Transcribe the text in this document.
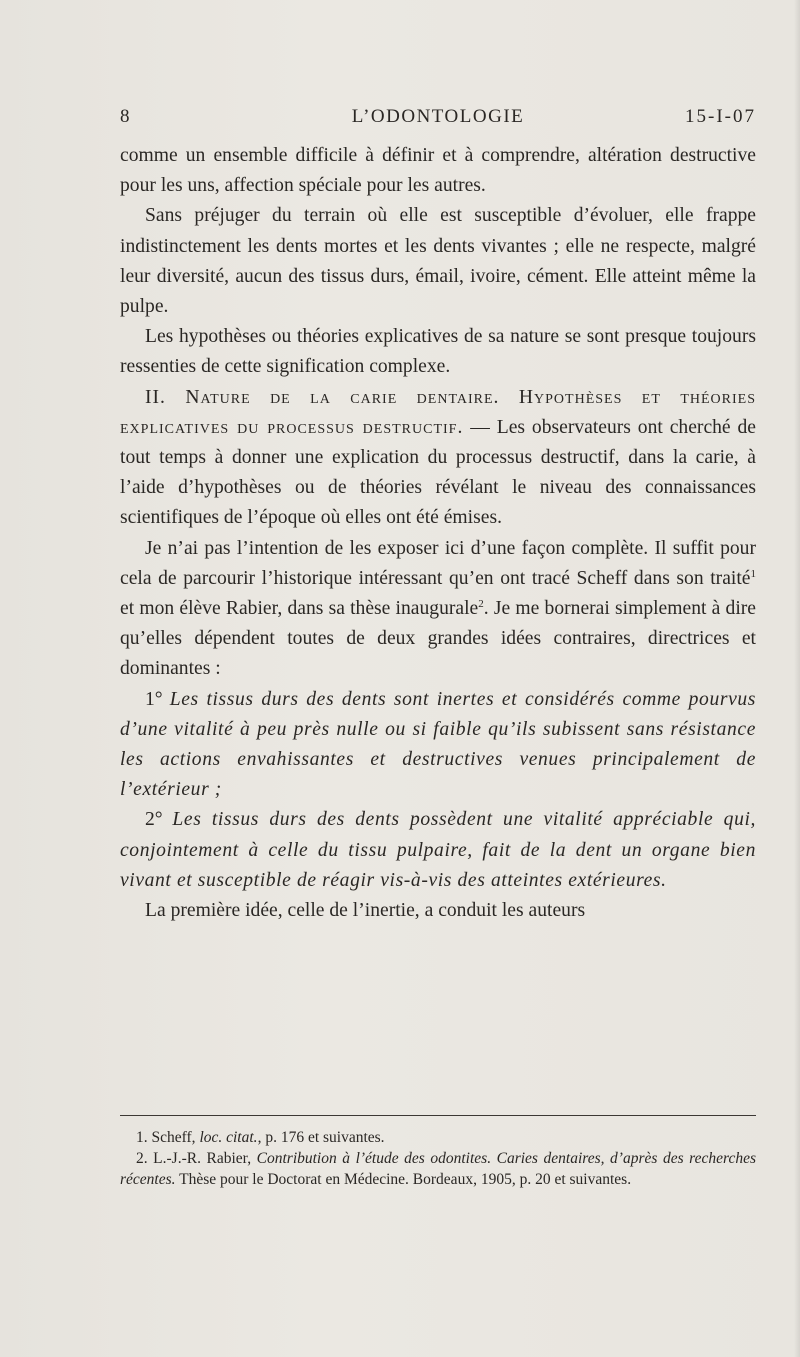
8	L’ODONTOLOGIE	15-I-07

comme un ensemble difficile à définir et à comprendre, altération destructive pour les uns, affection spéciale pour les autres.

Sans préjuger du terrain où elle est susceptible d’évoluer, elle frappe indistinctement les dents mortes et les dents vivantes ; elle ne respecte, malgré leur diversité, aucun des tissus durs, émail, ivoire, cément. Elle atteint même la pulpe.

Les hypothèses ou théories explicatives de sa nature se sont presque toujours ressenties de cette signification complexe.

II. Nature de la carie dentaire. Hypothèses et théories explicatives du processus destructif. — Les observateurs ont cherché de tout temps à donner une explication du processus destructif, dans la carie, à l’aide d’hypothèses ou de théories révélant le niveau des connaissances scientifiques de l’époque où elles ont été émises.

Je n’ai pas l’intention de les exposer ici d’une façon complète. Il suffit pour cela de parcourir l’historique intéressant qu’en ont tracé Scheff dans son traité$^1$ et mon élève Rabier, dans sa thèse inaugurale$^2$. Je me bornerai simplement à dire qu’elles dépendent toutes de deux grandes idées contraires, directrices et dominantes :

1° Les tissus durs des dents sont inertes et considérés comme pourvus d’une vitalité à peu près nulle ou si faible qu’ils subissent sans résistance les actions envahissantes et destructives venues principalement de l’extérieur ;

2° Les tissus durs des dents possèdent une vitalité appréciable qui, conjointement à celle du tissu pulpaire, fait de la dent un organe bien vivant et susceptible de réagir vis-à-vis des atteintes extérieures.

La première idée, celle de l’inertie, a conduit les auteurs

1. Scheff, loc. citat., p. 176 et suivantes.

2. L.-J.-R. Rabier, Contribution à l’étude des odontites. Caries dentaires, d’après des recherches récentes. Thèse pour le Doctorat en Médecine. Bordeaux, 1905, p. 20 et suivantes.
